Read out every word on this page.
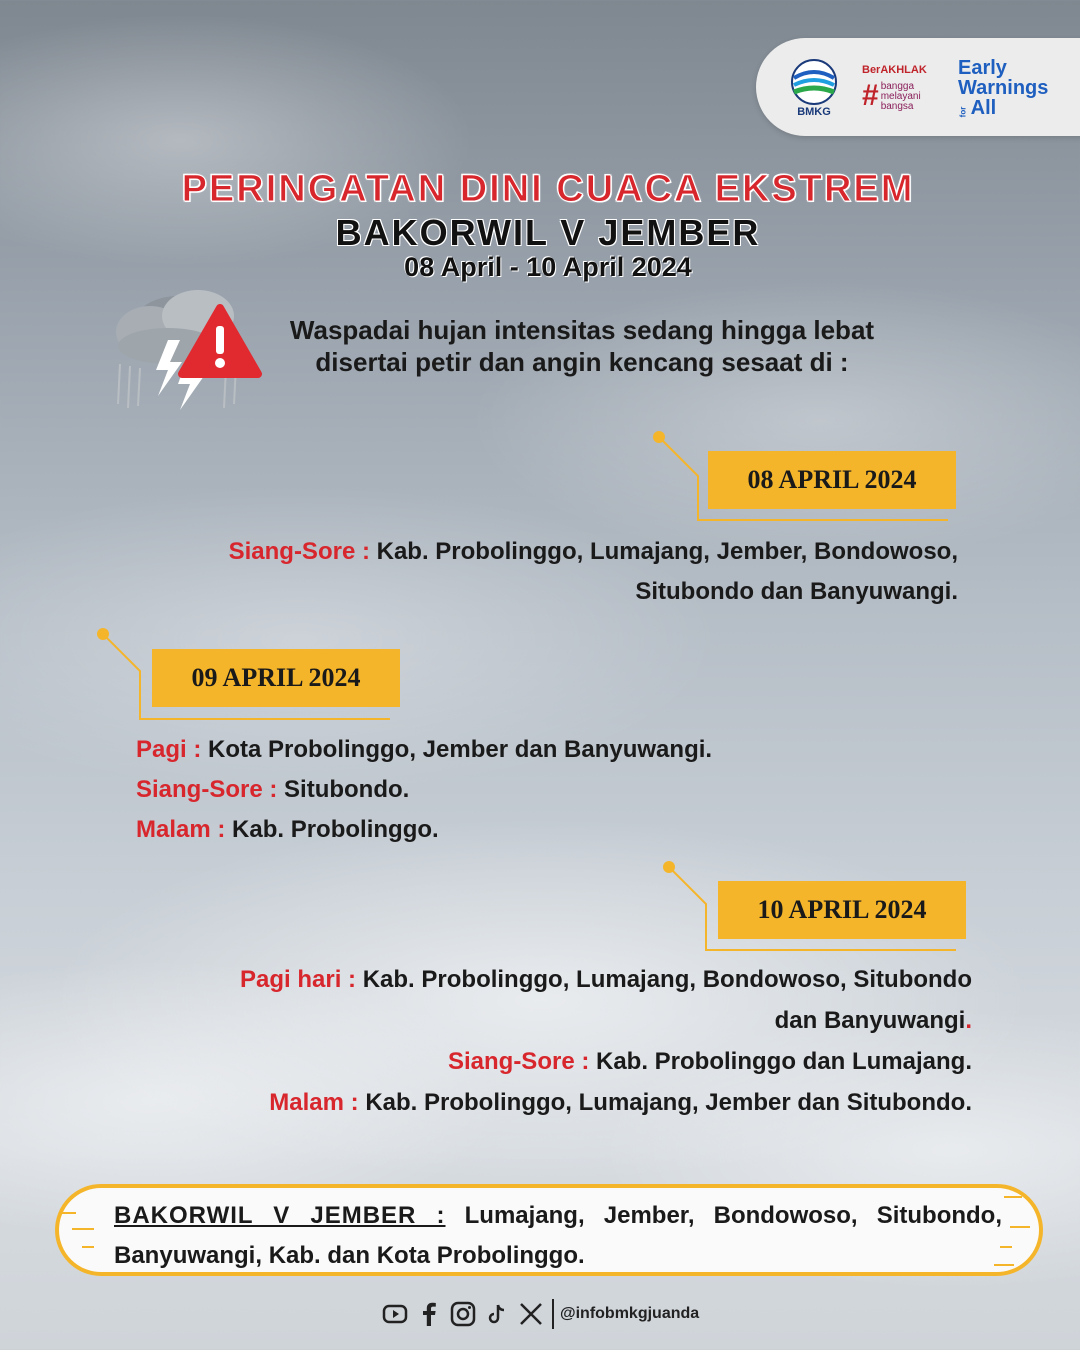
BMKG
BerAKHLAK
# bangga
melayani
bangsa
Early
Warnings
for All
PERINGATAN DINI CUACA EKSTREM
BAKORWIL V JEMBER
08 April - 10 April 2024
Waspadai hujan intensitas sedang hingga lebat
disertai petir dan angin kencang sesaat di :
08 APRIL 2024
Siang-Sore : Kab. Probolinggo, Lumajang, Jember, Bondowoso,
Situbondo dan Banyuwangi.
09 APRIL 2024
Pagi : Kota Probolinggo, Jember dan Banyuwangi.
Siang-Sore : Situbondo.
Malam : Kab. Probolinggo.
10 APRIL 2024
Pagi hari : Kab. Probolinggo, Lumajang, Bondowoso, Situbondo
dan Banyuwangi.
Siang-Sore : Kab. Probolinggo dan Lumajang.
Malam : Kab. Probolinggo, Lumajang, Jember dan Situbondo.
BAKORWIL V JEMBER : Lumajang, Jember, Bondowoso, Situbondo, Banyuwangi, Kab. dan Kota Probolinggo.
@infobmkgjuanda
